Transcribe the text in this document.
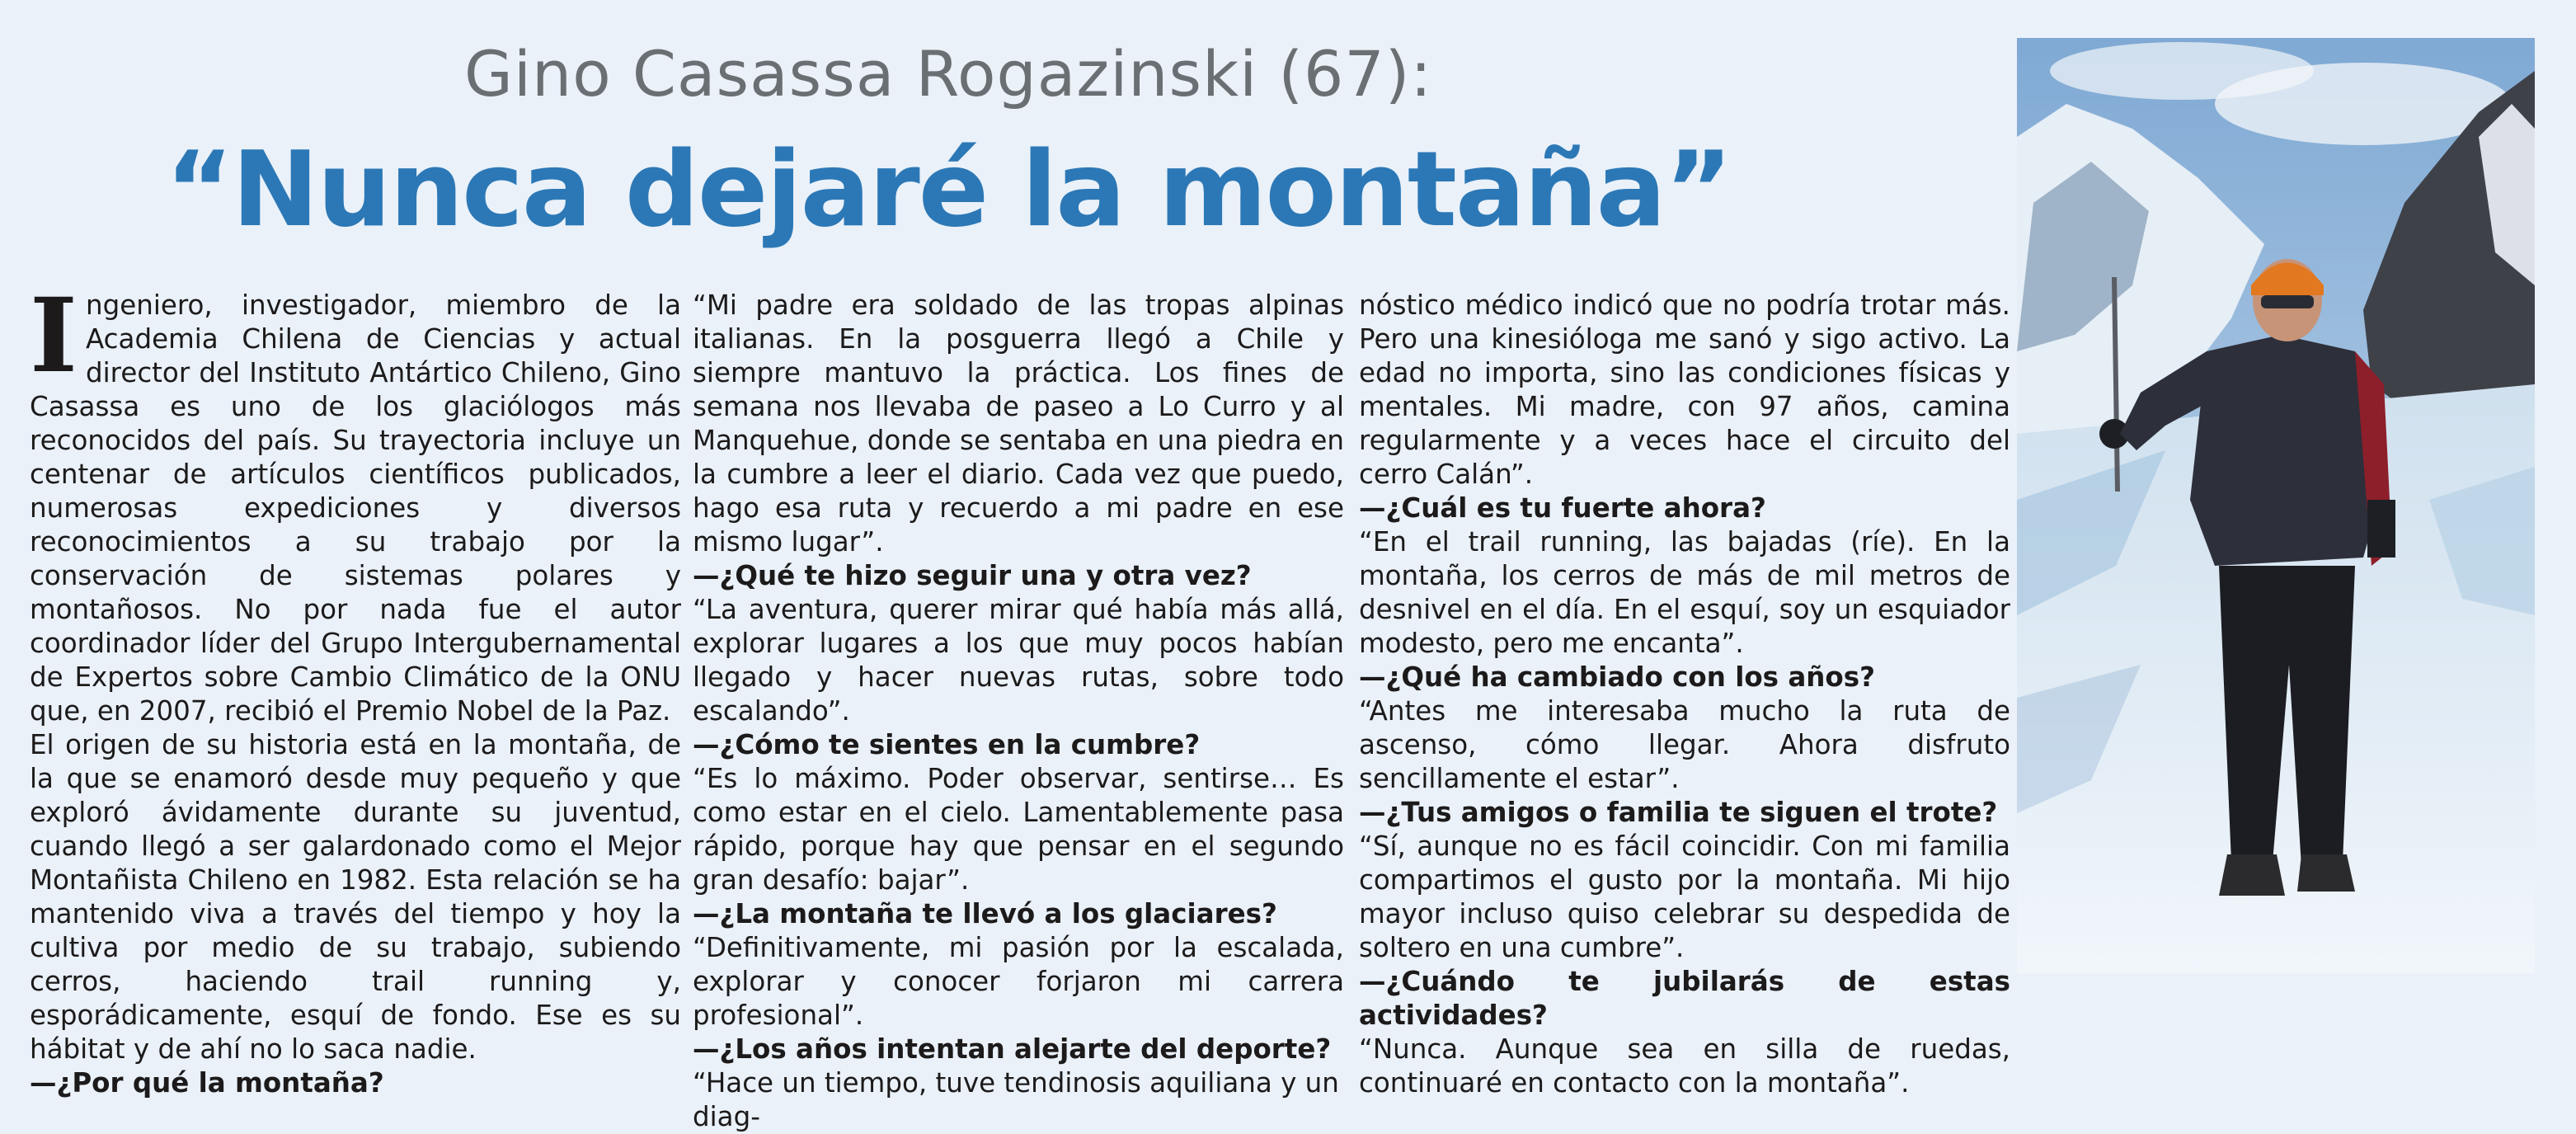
Gino Casassa Rogazinski (67):
“Nunca dejaré la montaña”

Ingeniero, investigador, miembro de la Academia Chilena de Ciencias y actual director del Instituto Antártico Chileno, Gino Casassa es uno de los glaciólogos más reconocidos del país. Su trayectoria incluye un centenar de artículos científicos publicados, numerosas expediciones y diversos reconocimientos a su trabajo por la conservación de sistemas polares y montañosos. No por nada fue el autor coordinador líder del Grupo Intergubernamental de Expertos sobre Cambio Climático de la ONU que, en 2007, recibió el Premio Nobel de la Paz.

El origen de su historia está en la montaña, de la que se enamoró desde muy pequeño y que exploró ávidamente durante su juventud, cuando llegó a ser galardonado como el Mejor Montañista Chileno en 1982. Esta relación se ha mantenido viva a través del tiempo y hoy la cultiva por medio de su trabajo, subiendo cerros, haciendo trail running y, esporádicamente, esquí de fondo. Ese es su hábitat y de ahí no lo saca nadie.

—¿Por qué la montaña?

“Mi padre era soldado de las tropas alpinas italianas. En la posguerra llegó a Chile y siempre mantuvo la práctica. Los fines de semana nos llevaba de paseo a Lo Curro y al Manquehue, donde se sentaba en una piedra en la cumbre a leer el diario. Cada vez que puedo, hago esa ruta y recuerdo a mi padre en ese mismo lugar”.

—¿Qué te hizo seguir una y otra vez?

“La aventura, querer mirar qué había más allá, explorar lugares a los que muy pocos habían llegado y hacer nuevas rutas, sobre todo escalando”.

—¿Cómo te sientes en la cumbre?

“Es lo máximo. Poder observar, sentirse… Es como estar en el cielo. Lamentablemente pasa rápido, porque hay que pensar en el segundo gran desafío: bajar”.

—¿La montaña te llevó a los glaciares?

“Definitivamente, mi pasión por la escalada, explorar y conocer forjaron mi carrera profesional”.

—¿Los años intentan alejarte del deporte?

“Hace un tiempo, tuve tendinosis aquiliana y un diag-

nóstico médico indicó que no podría trotar más. Pero una kinesióloga me sanó y sigo activo. La edad no importa, sino las condiciones físicas y mentales. Mi madre, con 97 años, camina regularmente y a veces hace el circuito del cerro Calán”.

—¿Cuál es tu fuerte ahora?

“En el trail running, las bajadas (ríe). En la montaña, los cerros de más de mil metros de desnivel en el día. En el esquí, soy un esquiador modesto, pero me encanta”.

—¿Qué ha cambiado con los años?

“Antes me interesaba mucho la ruta de ascenso, cómo llegar. Ahora disfruto sencillamente el estar”.

—¿Tus amigos o familia te siguen el trote?

“Sí, aunque no es fácil coincidir. Con mi familia compartimos el gusto por la montaña. Mi hijo mayor incluso quiso celebrar su despedida de soltero en una cumbre”.

—¿Cuándo te jubilarás de estas actividades?

“Nunca. Aunque sea en silla de ruedas, continuaré en contacto con la montaña”.
